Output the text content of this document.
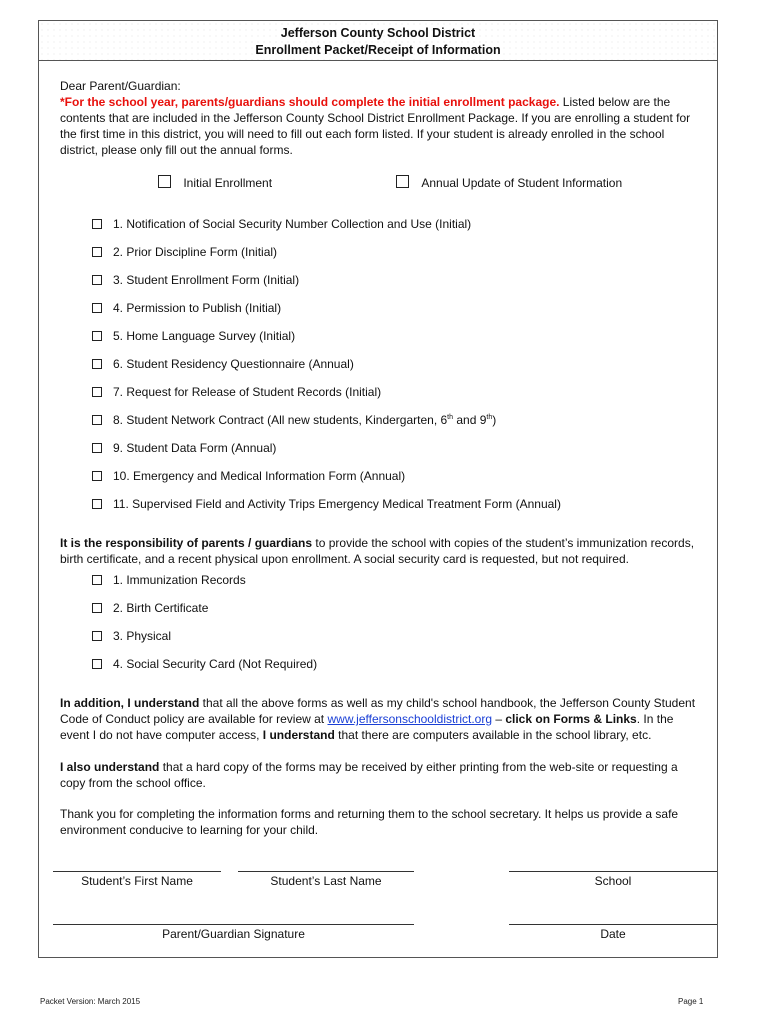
Jefferson County School District
Enrollment Packet/Receipt of Information
Dear Parent/Guardian:
*For the school year, parents/guardians should complete the initial enrollment package. Listed below are the contents that are included in the Jefferson County School District Enrollment Package. If you are enrolling a student for the first time in this district, you will need to fill out each form listed. If your student is already enrolled in the school district, please only fill out the annual forms.
Initial Enrollment	Annual Update of Student Information
1. Notification of Social Security Number Collection and Use (Initial)
2. Prior Discipline Form (Initial)
3. Student Enrollment Form (Initial)
4. Permission to Publish (Initial)
5. Home Language Survey (Initial)
6. Student Residency Questionnaire (Annual)
7. Request for Release of Student Records (Initial)
8. Student Network Contract (All new students, Kindergarten, 6th and 9th)
9. Student Data Form (Annual)
10. Emergency and Medical Information Form (Annual)
11. Supervised Field and Activity Trips Emergency Medical Treatment Form (Annual)
It is the responsibility of parents / guardians to provide the school with copies of the student’s immunization records, birth certificate, and a recent physical upon enrollment. A social security card is requested, but not required.
1. Immunization Records
2. Birth Certificate
3. Physical
4. Social Security Card (Not Required)
In addition, I understand that all the above forms as well as my child's school handbook, the Jefferson County Student Code of Conduct policy are available for review at www.jeffersonschooldistrict.org – click on Forms & Links. In the event I do not have computer access, I understand that there are computers available in the school library, etc.
I also understand that a hard copy of the forms may be received by either printing from the web-site or requesting a copy from the school office.
Thank you for completing the information forms and returning them to the school secretary. It helps us provide a safe environment conducive to learning for your child.
Student’s First Name	Student’s Last Name	School
Parent/Guardian Signature	Date
Packet Version: March 2015	Page 1
